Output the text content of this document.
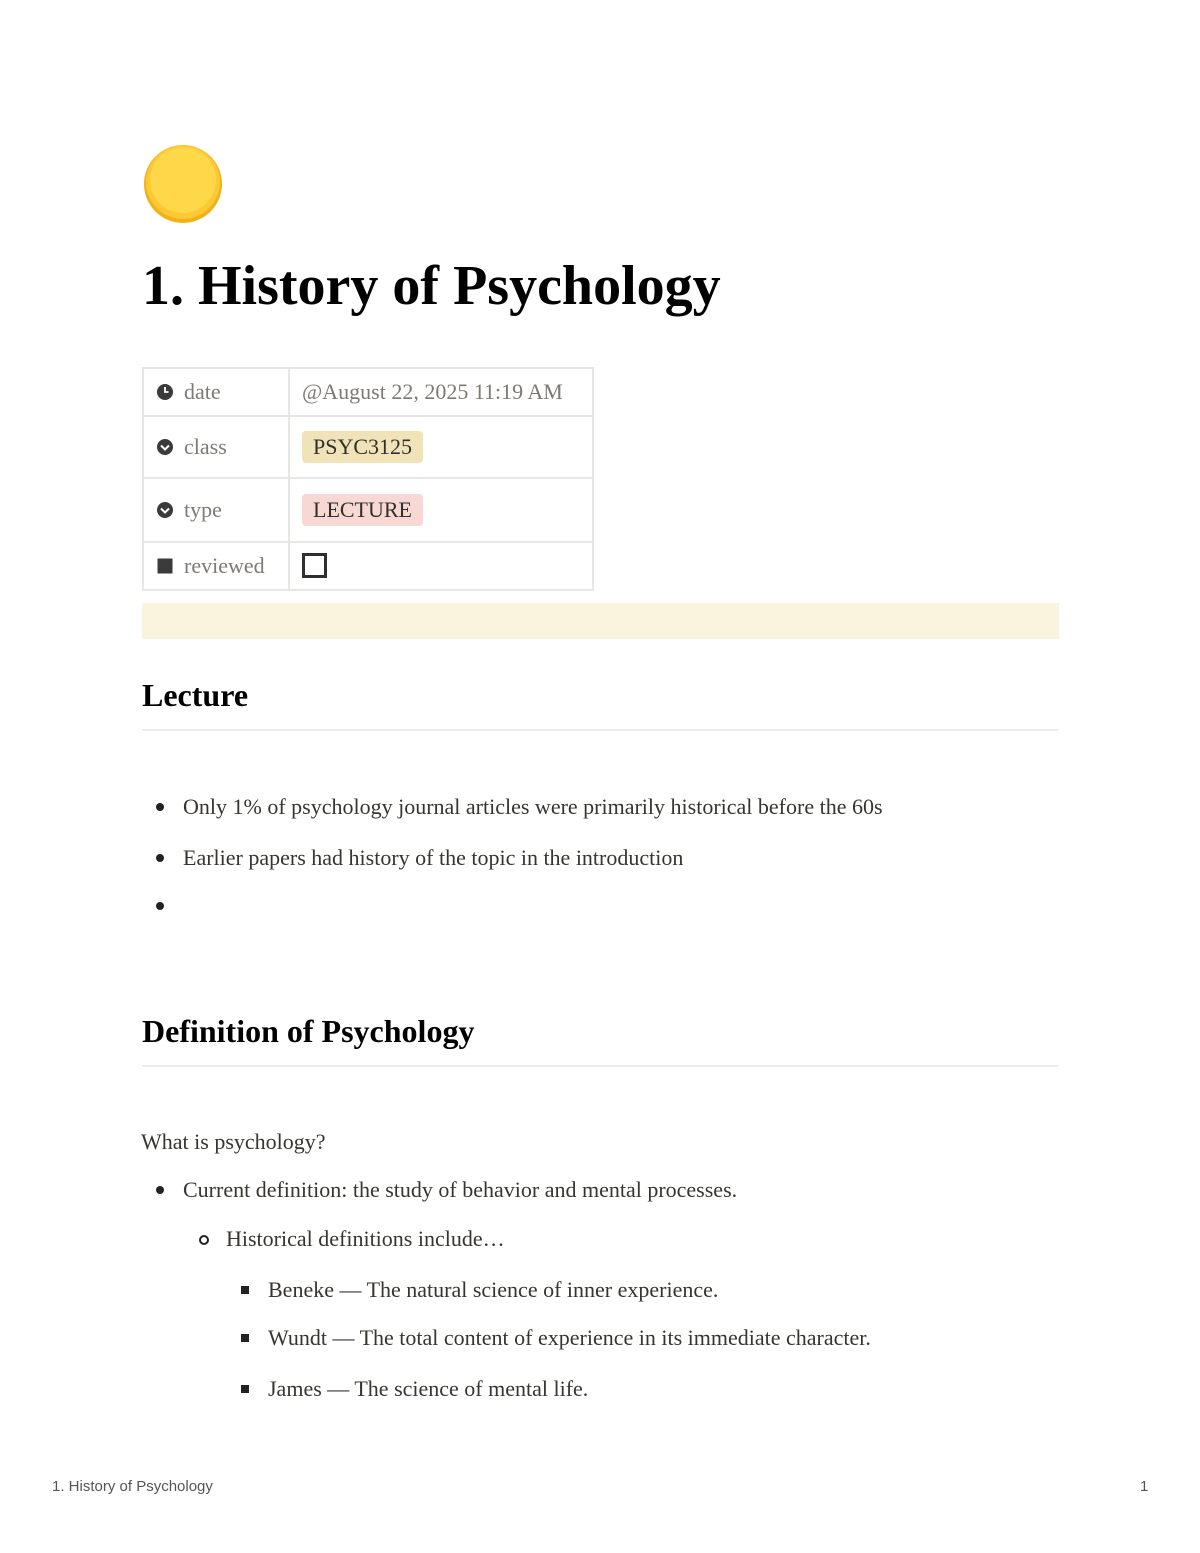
1. History of Psychology
date	@August 22, 2025 11:19 AM
class	PSYC3125
type	LECTURE
reviewed	
Lecture

Only 1% of psychology journal articles were primarily historical before the 60s

Earlier papers had history of the topic in the introduction

Definition of Psychology

What is psychology?

Current definition: the study of behavior and mental processes.

Historical definitions include…

Beneke — The natural science of inner experience.

Wundt — The total content of experience in its immediate character.

James — The science of mental life.

1. History of Psychology	1
